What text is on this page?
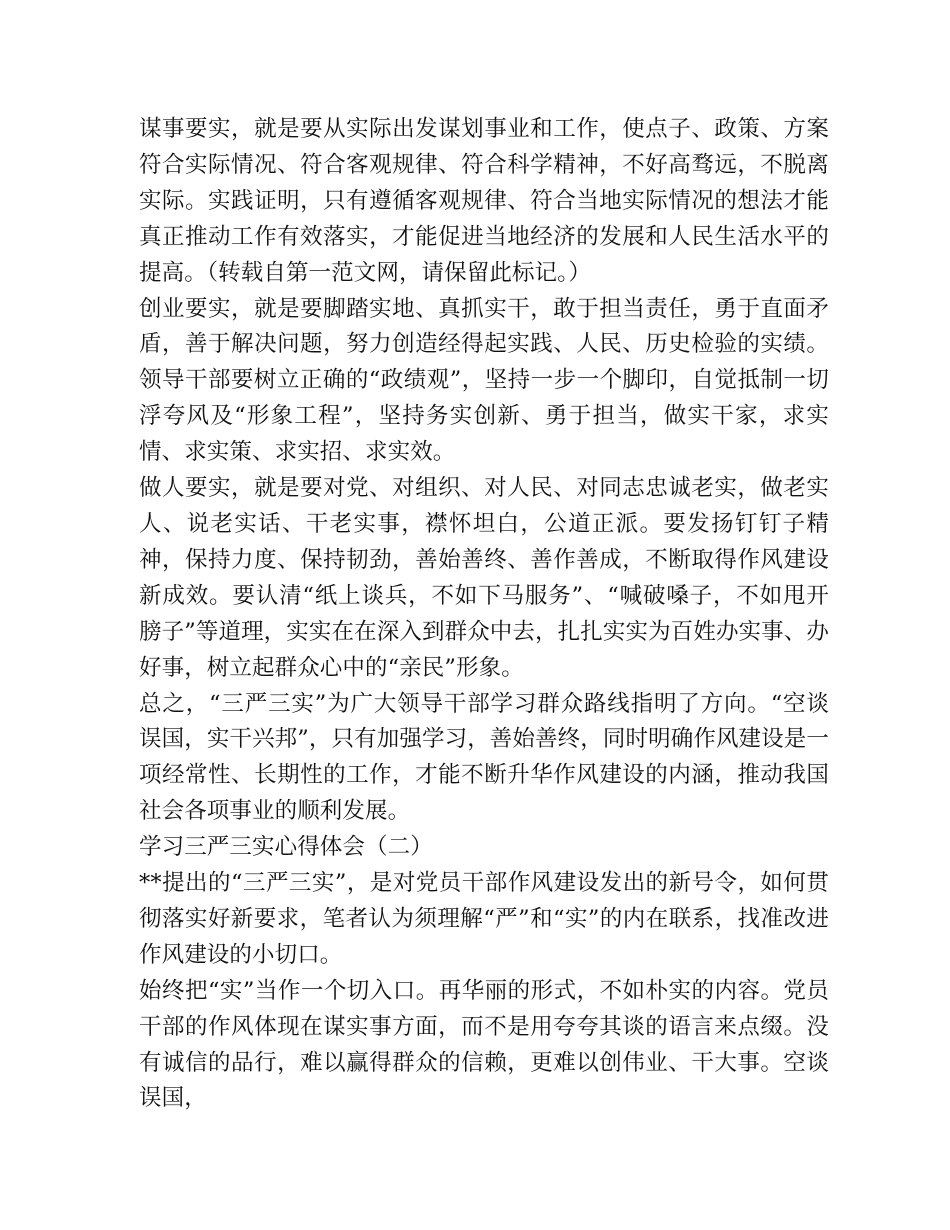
谋事要实，就是要从实际出发谋划事业和工作，使点子、政策、方案符合实际情况、符合客观规律、符合科学精神，不好高骛远，不脱离实际。实践证明，只有遵循客观规律、符合当地实际情况的想法才能真正推动工作有效落实，才能促进当地经济的发展和人民生活水平的提高。（转载自第一范文网，请保留此标记。）

创业要实，就是要脚踏实地、真抓实干，敢于担当责任，勇于直面矛盾，善于解决问题，努力创造经得起实践、人民、历史检验的实绩。领导干部要树立正确的“政绩观”，坚持一步一个脚印，自觉抵制一切浮夸风及“形象工程”，坚持务实创新、勇于担当，做实干家，求实情、求实策、求实招、求实效。

做人要实，就是要对党、对组织、对人民、对同志忠诚老实，做老实人、说老实话、干老实事，襟怀坦白，公道正派。要发扬钉钉子精神，保持力度、保持韧劲，善始善终、善作善成，不断取得作风建设新成效。要认清“纸上谈兵，不如下马服务”、“喊破嗓子，不如甩开膀子”等道理，实实在在深入到群众中去，扎扎实实为百姓办实事、办好事，树立起群众心中的“亲民”形象。

总之，“三严三实”为广大领导干部学习群众路线指明了方向。“空谈误国，实干兴邦”，只有加强学习，善始善终，同时明确作风建设是一项经常性、长期性的工作，才能不断升华作风建设的内涵，推动我国社会各项事业的顺利发展。

学习三严三实心得体会（二）

**提出的“三严三实”，是对党员干部作风建设发出的新号令，如何贯彻落实好新要求，笔者认为须理解“严”和“实”的内在联系，找准改进作风建设的小切口。

始终把“实”当作一个切入口。再华丽的形式，不如朴实的内容。党员干部的作风体现在谋实事方面，而不是用夸夸其谈的语言来点缀。没有诚信的品行，难以赢得群众的信赖，更难以创伟业、干大事。空谈误国，
